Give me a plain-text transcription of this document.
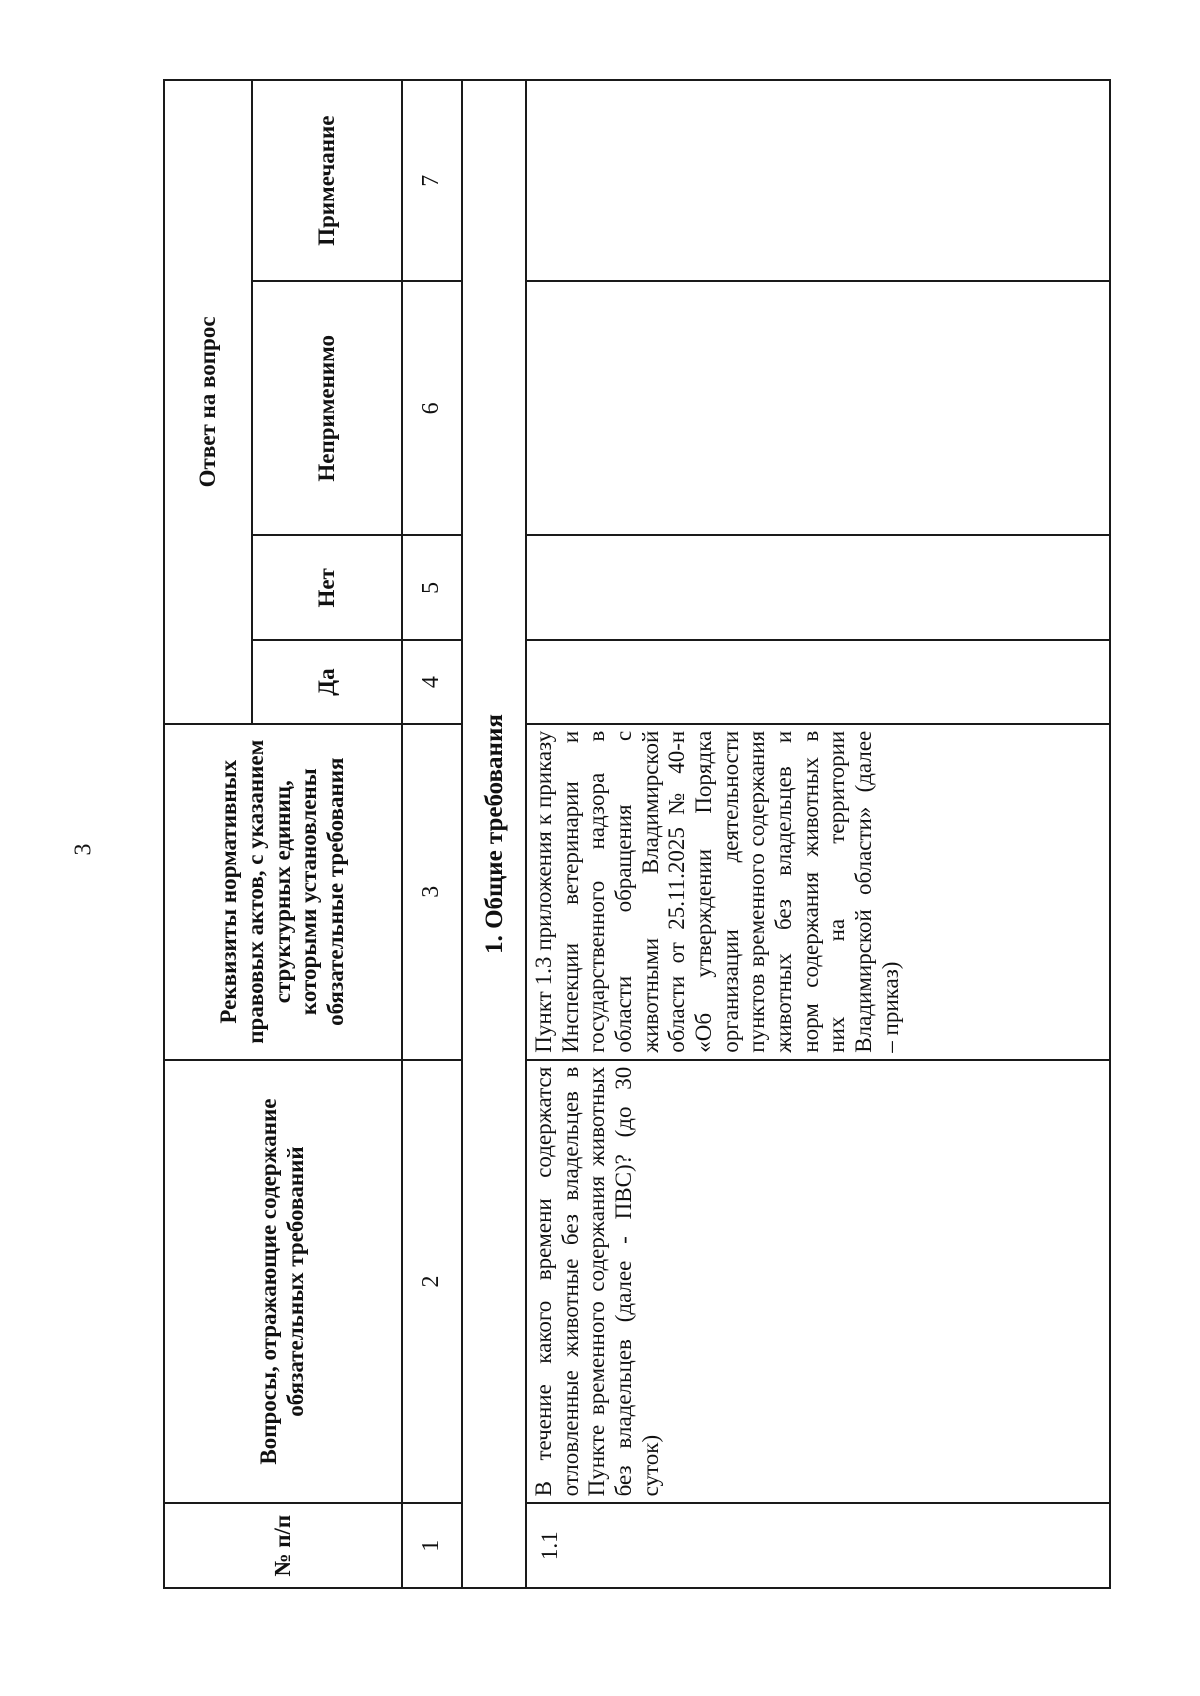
3
№ п/п	Вопросы, отражающие содержание обязательных требований	Реквизиты нормативных правовых актов, с указанием структурных единиц, которыми установлены обязательные требования	Ответ на вопрос			
			Да	Нет	Неприменимо	Примечание
1	2	3	4	5	6	7
1. Общие требования						
1.1	В течение какого времени содержатся отловленные животные без владельцев в Пункте временного содержания животных без владельцев (далее - ПВС)? (до 30 суток)	Пункт 1.3 приложения к приказу Инспекции ветеринарии и государственного надзора в области обращения с животными Владимирской области от 25.11.2025 № 40-н «Об утверждении Порядка организации деятельности пунктов временного содержания животных без владельцев и норм содержания животных в них на территории Владимирской области» (далее – приказ)				
